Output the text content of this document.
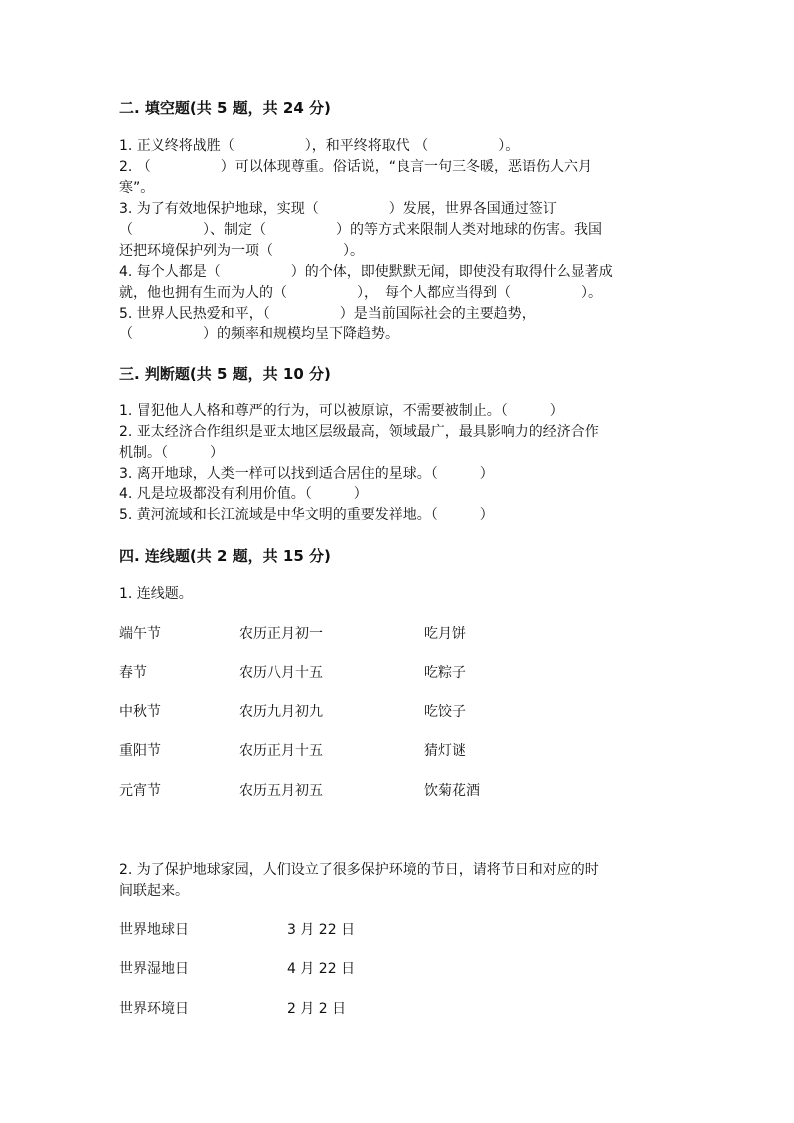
二. 填空题(共 5 题，共 24 分)
1. 正义终将战胜（　　　　　），和平终将取代 （　　　　　）。
2. （　　　　　）可以体现尊重。俗话说，“良言一句三冬暖，恶语伤人六月
寒”。
3. 为了有效地保护地球，实现（　　　　　）发展，世界各国通过签订
（　　　　　）、制定（　　　　　）的等方式来限制人类对地球的伤害。我国
还把环境保护列为一项（　　　　　）。
4. 每个人都是（　　　　　）的个体，即使默默无闻，即使没有取得什么显著成
就，他也拥有生而为人的（　　　　　），　每个人都应当得到（　　　　　）。
5. 世界人民热爱和平，（　　　　　）是当前国际社会的主要趋势，
（　　　　　）的频率和规模均呈下降趋势。
三. 判断题(共 5 题，共 10 分)
1. 冒犯他人人格和尊严的行为，可以被原谅，不需要被制止。（　　　）
2. 亚太经济合作组织是亚太地区层级最高，领域最广，最具影响力的经济合作
机制。（　　　）
3. 离开地球，人类一样可以找到适合居住的星球。（　　　）
4. 凡是垃圾都没有利用价值。（　　　）
5. 黄河流域和长江流域是中华文明的重要发祥地。（　　　）
四. 连线题(共 2 题，共 15 分)
1. 连线题。
端午节	农历正月初一	吃月饼
春节	农历八月十五	吃粽子
中秋节	农历九月初九	吃饺子
重阳节	农历正月十五	猜灯谜
元宵节	农历五月初五	饮菊花酒
2. 为了保护地球家园，人们设立了很多保护环境的节日，请将节日和对应的时
间联起来。
世界地球日	3 月 22 日
世界湿地日	4 月 22 日
世界环境日	2 月 2 日
